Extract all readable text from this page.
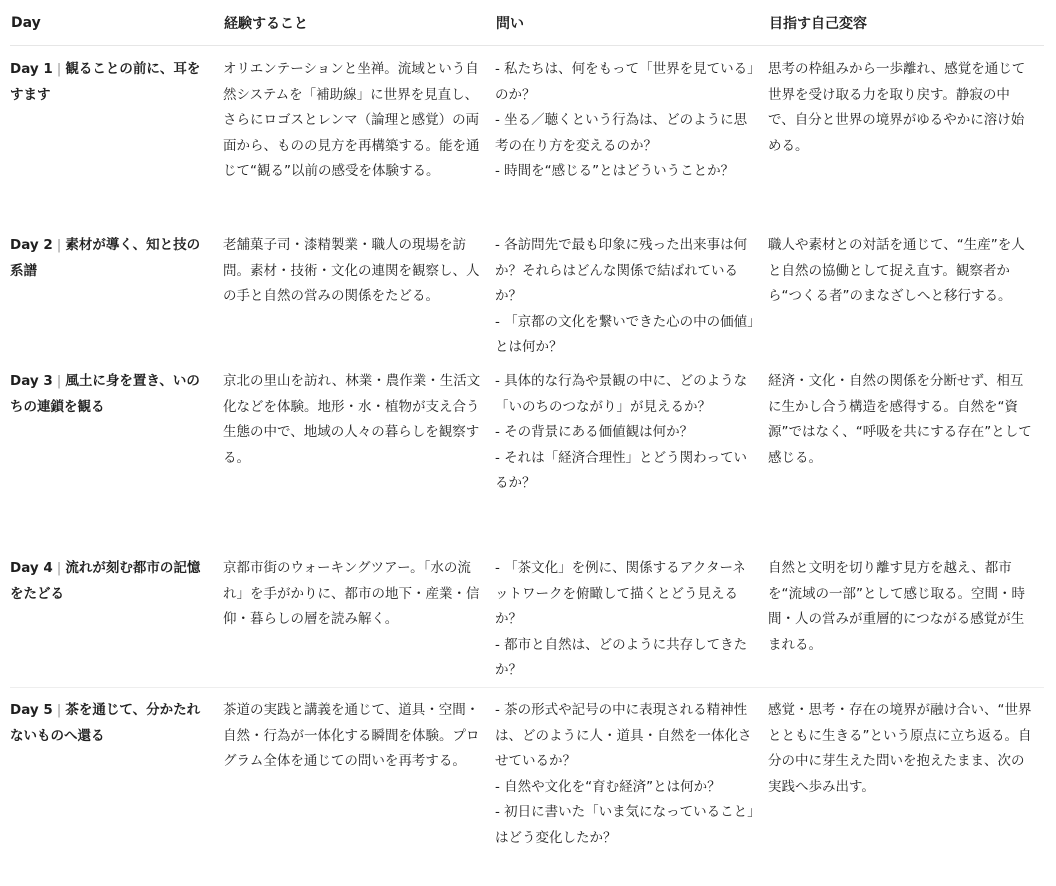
Day	経験すること	問い	目指す自己変容

Day 1 | 観ることの前に、耳をすます	オリエンテーションと坐禅。流域という自然システムを「補助線」に世界を見直し、さらにロゴスとレンマ（論理と感覚）の両面から、ものの見方を再構築する。能を通じて“観る”以前の感受を体験する。	- 私たちは、何をもって「世界を見ている」のか？
- 坐る／聴くという行為は、どのように思考の在り方を変えるのか？
- 時間を“感じる”とはどういうことか？	思考の枠組みから一歩離れ、感覚を通じて世界を受け取る力を取り戻す。静寂の中で、自分と世界の境界がゆるやかに溶け始める。

Day 2 | 素材が導く、知と技の系譜	老舗菓子司・漆精製業・職人の現場を訪問。素材・技術・文化の連関を観察し、人の手と自然の営みの関係をたどる。	- 各訪問先で最も印象に残った出来事は何か？それらはどんな関係で結ばれているか？
- 「京都の文化を繋いできた心の中の価値」とは何か？	職人や素材との対話を通じて、“生産”を人と自然の協働として捉え直す。観察者から“つくる者”のまなざしへと移行する。

Day 3 | 風土に身を置き、いのちの連鎖を観る	京北の里山を訪れ、林業・農作業・生活文化などを体験。地形・水・植物が支え合う生態の中で、地域の人々の暮らしを観察する。	- 具体的な行為や景観の中に、どのような「いのちのつながり」が見えるか？
- その背景にある価値観は何か？
- それは「経済合理性」とどう関わっているか？	経済・文化・自然の関係を分断せず、相互に生かし合う構造を感得する。自然を“資源”ではなく、“呼吸を共にする存在”として感じる。

Day 4 | 流れが刻む都市の記憶をたどる	京都市街のウォーキングツアー。「水の流れ」を手がかりに、都市の地下・産業・信仰・暮らしの層を読み解く。	- 「茶文化」を例に、関係するアクターネットワークを俯瞰して描くとどう見えるか？
- 都市と自然は、どのように共存してきたか？	自然と文明を切り離す見方を越え、都市を“流域の一部”として感じ取る。空間・時間・人の営みが重層的につながる感覚が生まれる。

Day 5 | 茶を通じて、分かたれないものへ還る	茶道の実践と講義を通じて、道具・空間・自然・行為が一体化する瞬間を体験。プログラム全体を通じての問いを再考する。	- 茶の形式や記号の中に表現される精神性は、どのように人・道具・自然を一体化させているか？
- 自然や文化を“育む経済”とは何か？
- 初日に書いた「いま気になっていること」はどう変化したか？	感覚・思考・存在の境界が融け合い、“世界とともに生きる”という原点に立ち返る。自分の中に芽生えた問いを抱えたまま、次の実践へ歩み出す。
